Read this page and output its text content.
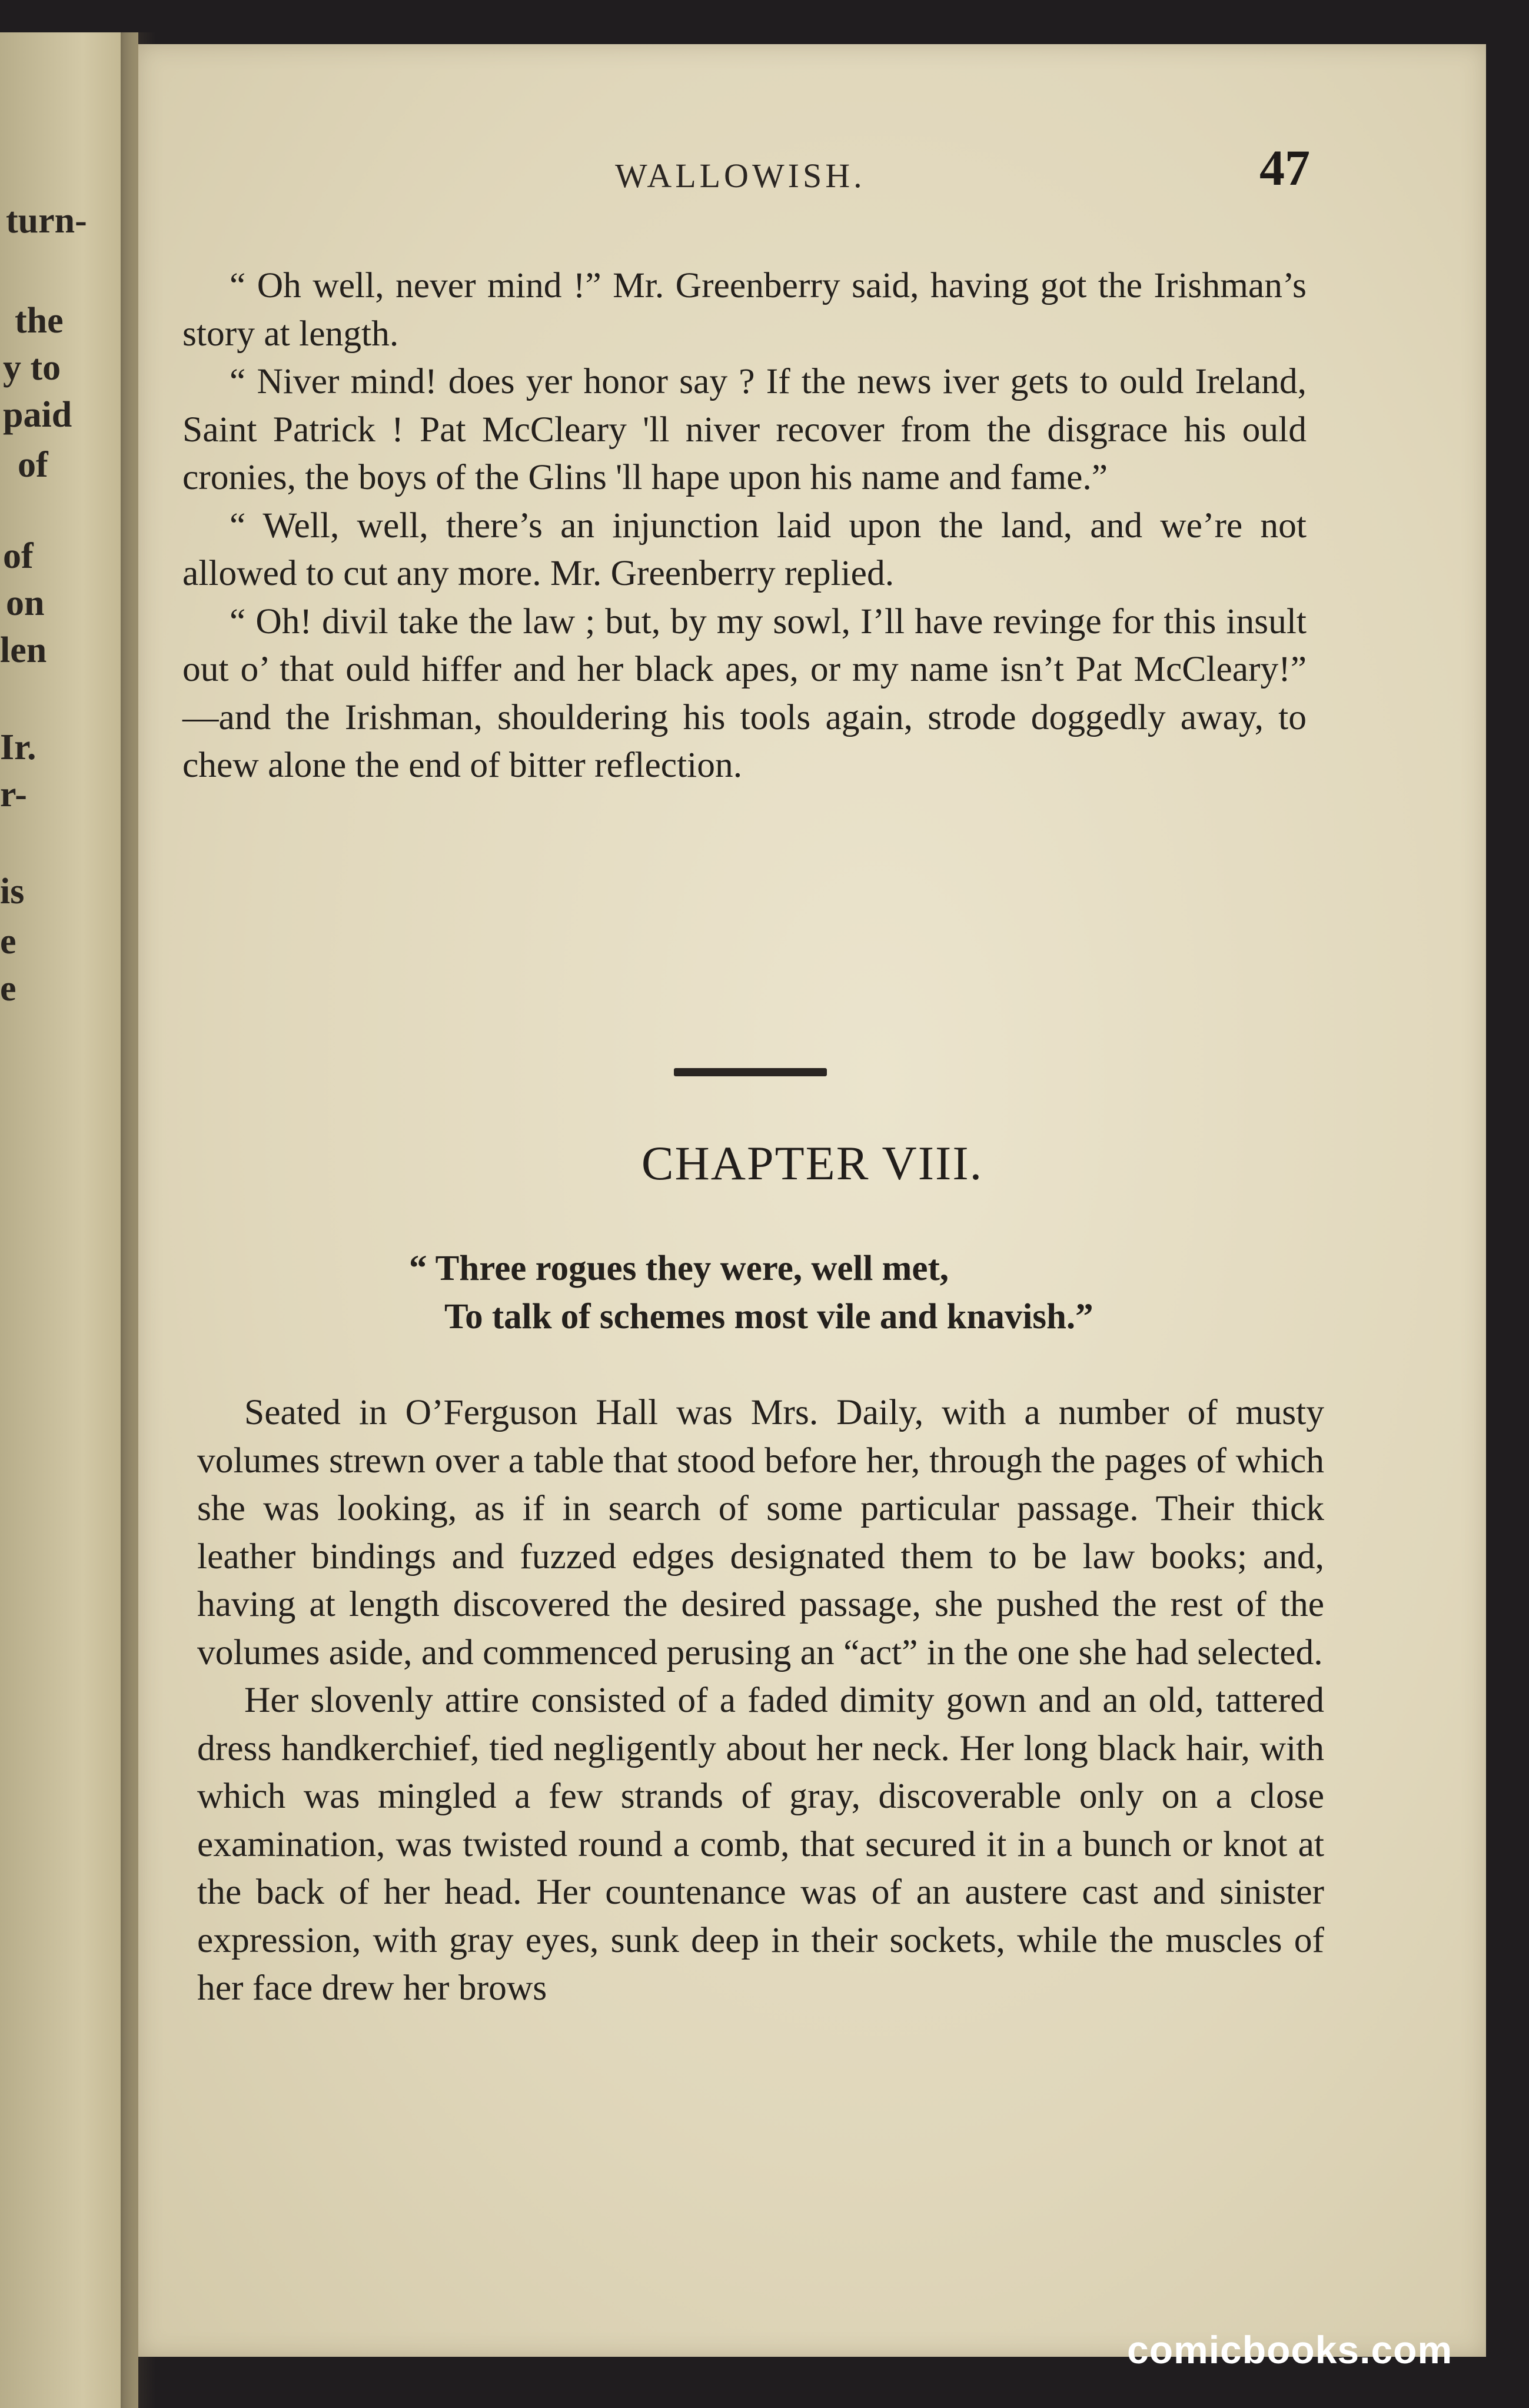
turn-
the
y to
paid
of
of
on
len
Ir.
r-
is
e
e
WALLOWISH.	47

“ Oh well, never mind !” Mr. Greenberry said, having got the Irishman’s story at length.

“ Niver mind! does yer honor say ? If the news iver gets to ould Ireland, Saint Patrick ! Pat McCleary 'll niver recover from the disgrace his ould cronies, the boys of the Glins 'll hape upon his name and fame.”

“ Well, well, there’s an injunction laid upon the land, and we’re not allowed to cut any more. Mr. Greenberry replied.

“ Oh! divil take the law ; but, by my sowl, I’ll have revinge for this insult out o’ that ould hiffer and her black apes, or my name isn’t Pat McCleary!” —and the Irishman, shouldering his tools again, strode doggedly away, to chew alone the end of bitter reflection.

CHAPTER VIII.
“ Three rogues they were, well met,
To talk of schemes most vile and knavish.”

Seated in O’Ferguson Hall was Mrs. Daily, with a number of musty volumes strewn over a table that stood before her, through the pages of which she was looking, as if in search of some particular passage. Their thick leather bindings and fuzzed edges designated them to be law books; and, having at length discovered the desired passage, she pushed the rest of the volumes aside, and commenced perusing an “act” in the one she had selected.

Her slovenly attire consisted of a faded dimity gown and an old, tattered dress handkerchief, tied negligently about her neck. Her long black hair, with which was mingled a few strands of gray, discoverable only on a close examination, was twisted round a comb, that secured it in a bunch or knot at the back of her head. Her countenance was of an austere cast and sinister expression, with gray eyes, sunk deep in their sockets, while the muscles of her face drew her brows

comicbooks.com
